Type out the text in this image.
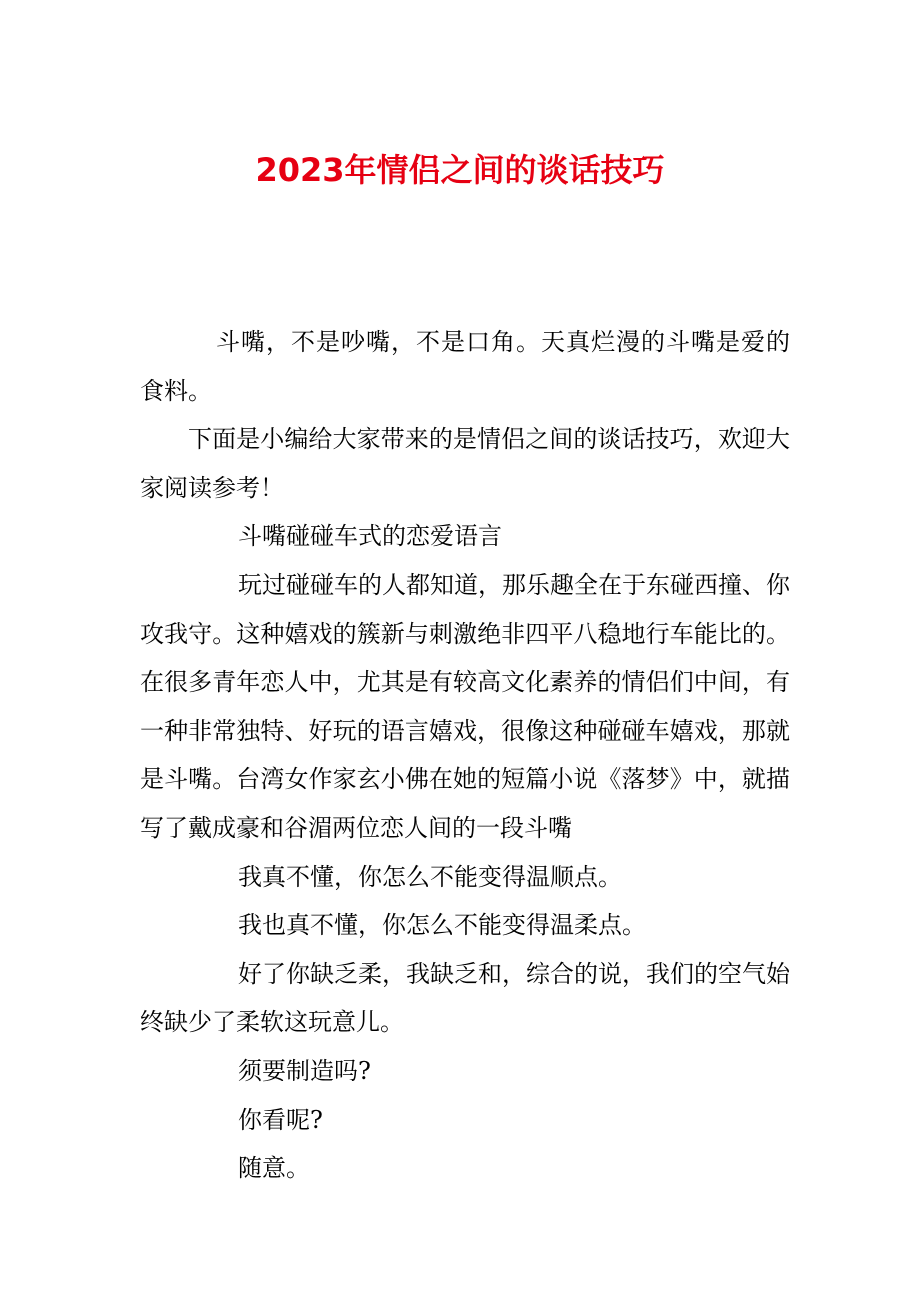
2023年情侣之间的谈话技巧

斗嘴，不是吵嘴，不是口角。天真烂漫的斗嘴是爱的食料。

下面是小编给大家带来的是情侣之间的谈话技巧，欢迎大家阅读参考！

斗嘴碰碰车式的恋爱语言

玩过碰碰车的人都知道，那乐趣全在于东碰西撞、你攻我守。这种嬉戏的簇新与刺激绝非四平八稳地行车能比的。在很多青年恋人中，尤其是有较高文化素养的情侣们中间，有一种非常独特、好玩的语言嬉戏，很像这种碰碰车嬉戏，那就是斗嘴。台湾女作家玄小佛在她的短篇小说《落梦》中，就描写了戴成豪和谷湄两位恋人间的一段斗嘴

我真不懂，你怎么不能变得温顺点。

我也真不懂，你怎么不能变得温柔点。

好了你缺乏柔，我缺乏和，综合的说，我们的空气始终缺少了柔软这玩意儿。

须要制造吗?

你看呢?

随意。
